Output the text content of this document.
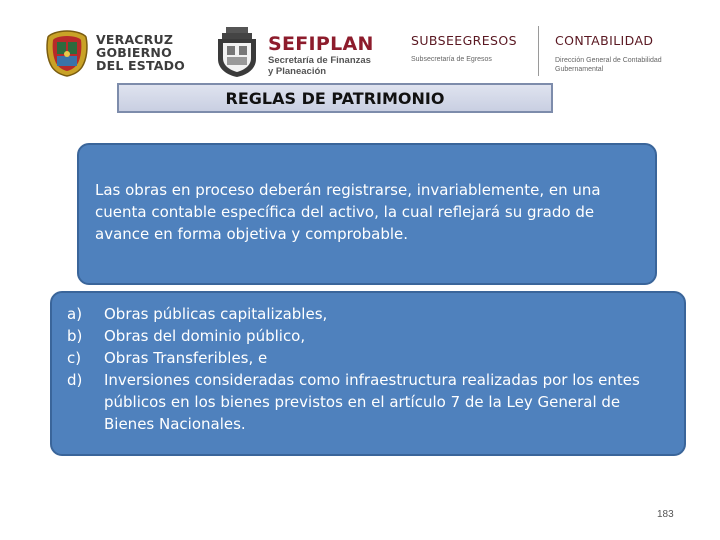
VERACRUZ
GOBIERNO
DEL ESTADO
SEFIPLAN
Secretaría de Finanzas
y Planeación
SUBSEEGRESOS
Subsecretaría de Egresos
CONTABILIDAD
Dirección General de Contabilidad
Gubernamental
REGLAS DE PATRIMONIO
Las obras en proceso deberán registrarse, invariablemente, en una cuenta contable específica del activo, la cual reflejará su grado de avance en forma objetiva y comprobable.
a)	Obras públicas capitalizables,
b)	Obras del dominio público,
c)	Obras Transferibles, e
d)	Inversiones consideradas como infraestructura realizadas por los entes públicos en los bienes previstos en el artículo 7 de la Ley General de Bienes Nacionales.
183
